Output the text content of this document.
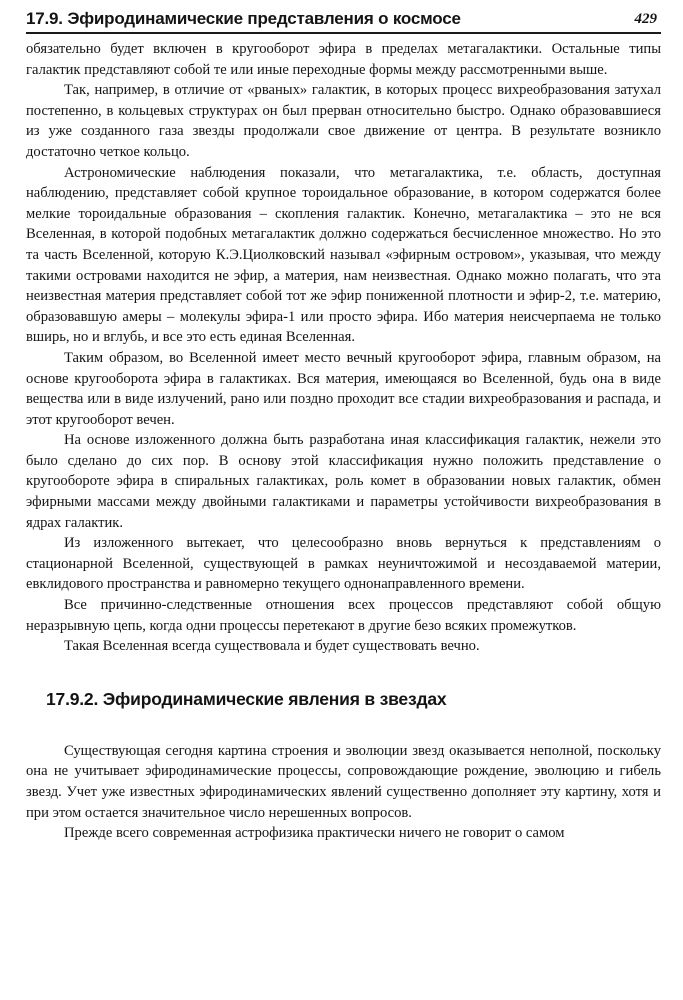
17.9. Эфиродинамические представления о космосе	429

обязательно будет включен в кругооборот эфира в пределах метагалактики. Остальные типы галактик представляют собой те или иные переходные формы между рассмотренными выше.

Так, например, в отличие от «рваных» галактик, в которых процесс вихреобразования затухал постепенно, в кольцевых структурах он был прерван относительно быстро. Однако образовавшиеся из уже созданного газа звезды продолжали свое движение от центра. В результате возникло достаточно четкое кольцо.

Астрономические наблюдения показали, что метагалактика, т.е. область, доступная наблюдению, представляет собой крупное тороидальное образование, в котором содержатся более мелкие тороидальные образования – скопления галактик. Конечно, метагалактика – это не вся Вселенная, в которой подобных метагалактик должно содержаться бесчисленное множество. Но это та часть Вселенной, которую К.Э.Циолковский называл «эфирным островом», указывая, что между такими островами находится не эфир, а материя, нам неизвестная. Однако можно полагать, что эта неизвестная материя представляет собой тот же эфир пониженной плотности и эфир-2, т.е. материю, образовавшую амеры – молекулы эфира-1 или просто эфира. Ибо материя неисчерпаема не только вширь, но и вглубь, и все это есть единая Вселенная.

Таким образом, во Вселенной имеет место вечный кругооборот эфира, главным образом, на основе кругооборота эфира в галактиках. Вся материя, имеющаяся во Вселенной, будь она в виде вещества или в виде излучений, рано или поздно проходит все стадии вихреобразования и распада, и этот кругооборот вечен.

На основе изложенного должна быть разработана иная классификация галактик, нежели это было сделано до сих пор. В основу этой классификация нужно положить представление о кругообороте эфира в спиральных галактиках, роль комет в образовании новых галактик, обмен эфирными массами между двойными галактиками и параметры устойчивости вихреобразования в ядрах галактик.

Из изложенного вытекает, что целесообразно вновь вернуться к представлениям о стационарной Вселенной, существующей в рамках неуничтожимой и несоздаваемой материи, евклидового пространства и равномерно текущего однонаправленного времени.

Все причинно-следственные отношения всех процессов представляют собой общую неразрывную цепь, когда одни процессы перетекают в другие безо всяких промежутков.

Такая Вселенная всегда существовала и будет существовать вечно.

17.9.2. Эфиродинамические явления в звездах

Существующая сегодня картина строения и эволюции звезд оказывается неполной, поскольку она не учитывает эфиродинамические процессы, сопровождающие рождение, эволюцию и гибель звезд. Учет уже известных эфиродинамических явлений существенно дополняет эту картину, хотя и при этом остается значительное число нерешенных вопросов.

Прежде всего современная астрофизика практически ничего не говорит о самом
